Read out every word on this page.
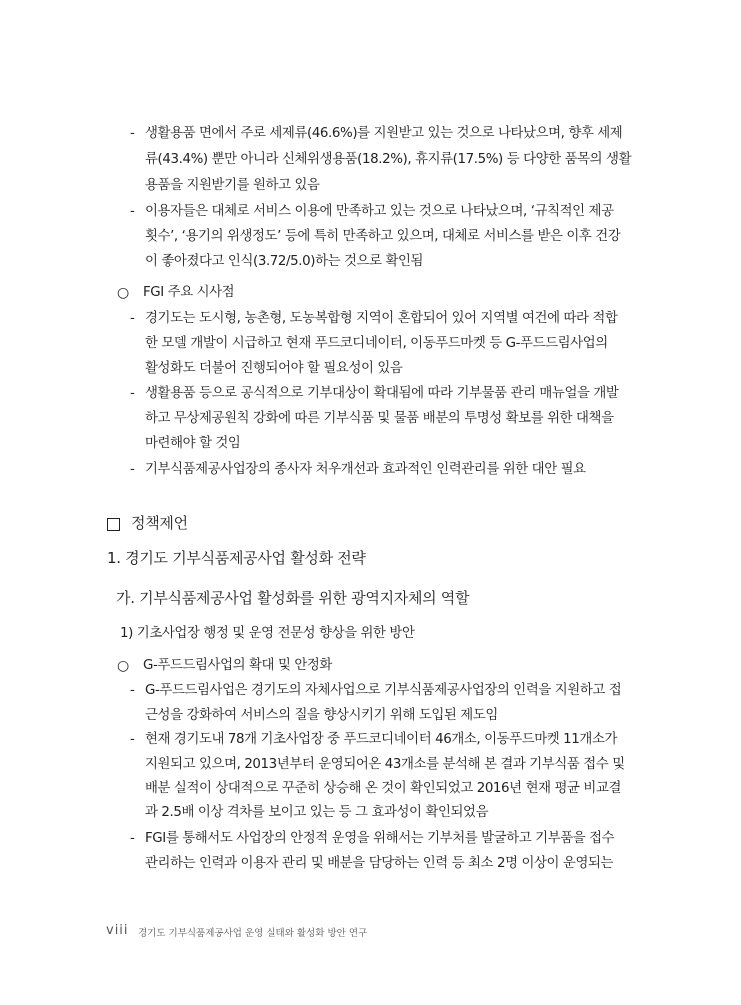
- 생활용품 면에서 주로 세제류(46.6%)를 지원받고 있는 것으로 나타났으며, 향후 세제
류(43.4%) 뿐만 아니라 신체위생용품(18.2%), 휴지류(17.5%) 등 다양한 품목의 생활
용품을 지원받기를 원하고 있음
- 이용자들은 대체로 서비스 이용에 만족하고 있는 것으로 나타났으며, ‘규칙적인 제공
횟수’, ‘용기의 위생정도’ 등에 특히 만족하고 있으며, 대체로 서비스를 받은 이후 건강
이 좋아졌다고 인식(3.72/5.0)하는 것으로 확인됨
○ FGI 주요 시사점
- 경기도는 도시형, 농촌형, 도농복합형 지역이 혼합되어 있어 지역별 여건에 따라 적합
한 모델 개발이 시급하고 현재 푸드코디네이터, 이동푸드마켓 등 G-푸드드림사업의
활성화도 더불어 진행되어야 할 필요성이 있음
- 생활용품 등으로 공식적으로 기부대상이 확대됨에 따라 기부물품 관리 매뉴얼을 개발
하고 무상제공원칙 강화에 따른 기부식품 및 물품 배분의 투명성 확보를 위한 대책을
마련해야 할 것임
- 기부식품제공사업장의 종사자 처우개선과 효과적인 인력관리를 위한 대안 필요
정책제언
1. 경기도 기부식품제공사업 활성화 전략
가. 기부식품제공사업 활성화를 위한 광역지자체의 역할
1) 기초사업장 행정 및 운영 전문성 향상을 위한 방안
○ G-푸드드림사업의 확대 및 안정화
- G-푸드드림사업은 경기도의 자체사업으로 기부식품제공사업장의 인력을 지원하고 접
근성을 강화하여 서비스의 질을 향상시키기 위해 도입된 제도임
- 현재 경기도내 78개 기초사업장 중 푸드코디네이터 46개소, 이동푸드마켓 11개소가
지원되고 있으며, 2013년부터 운영되어온 43개소를 분석해 본 결과 기부식품 접수 및
배분 실적이 상대적으로 꾸준히 상승해 온 것이 확인되었고 2016년 현재 평균 비교결
과 2.5배 이상 격차를 보이고 있는 등 그 효과성이 확인되었음
- FGI를 통해서도 사업장의 안정적 운영을 위해서는 기부처를 발굴하고 기부품을 접수
관리하는 인력과 이용자 관리 및 배분을 담당하는 인력 등 최소 2명 이상이 운영되는
viii 경기도 기부식품제공사업 운영 실태와 활성화 방안 연구
